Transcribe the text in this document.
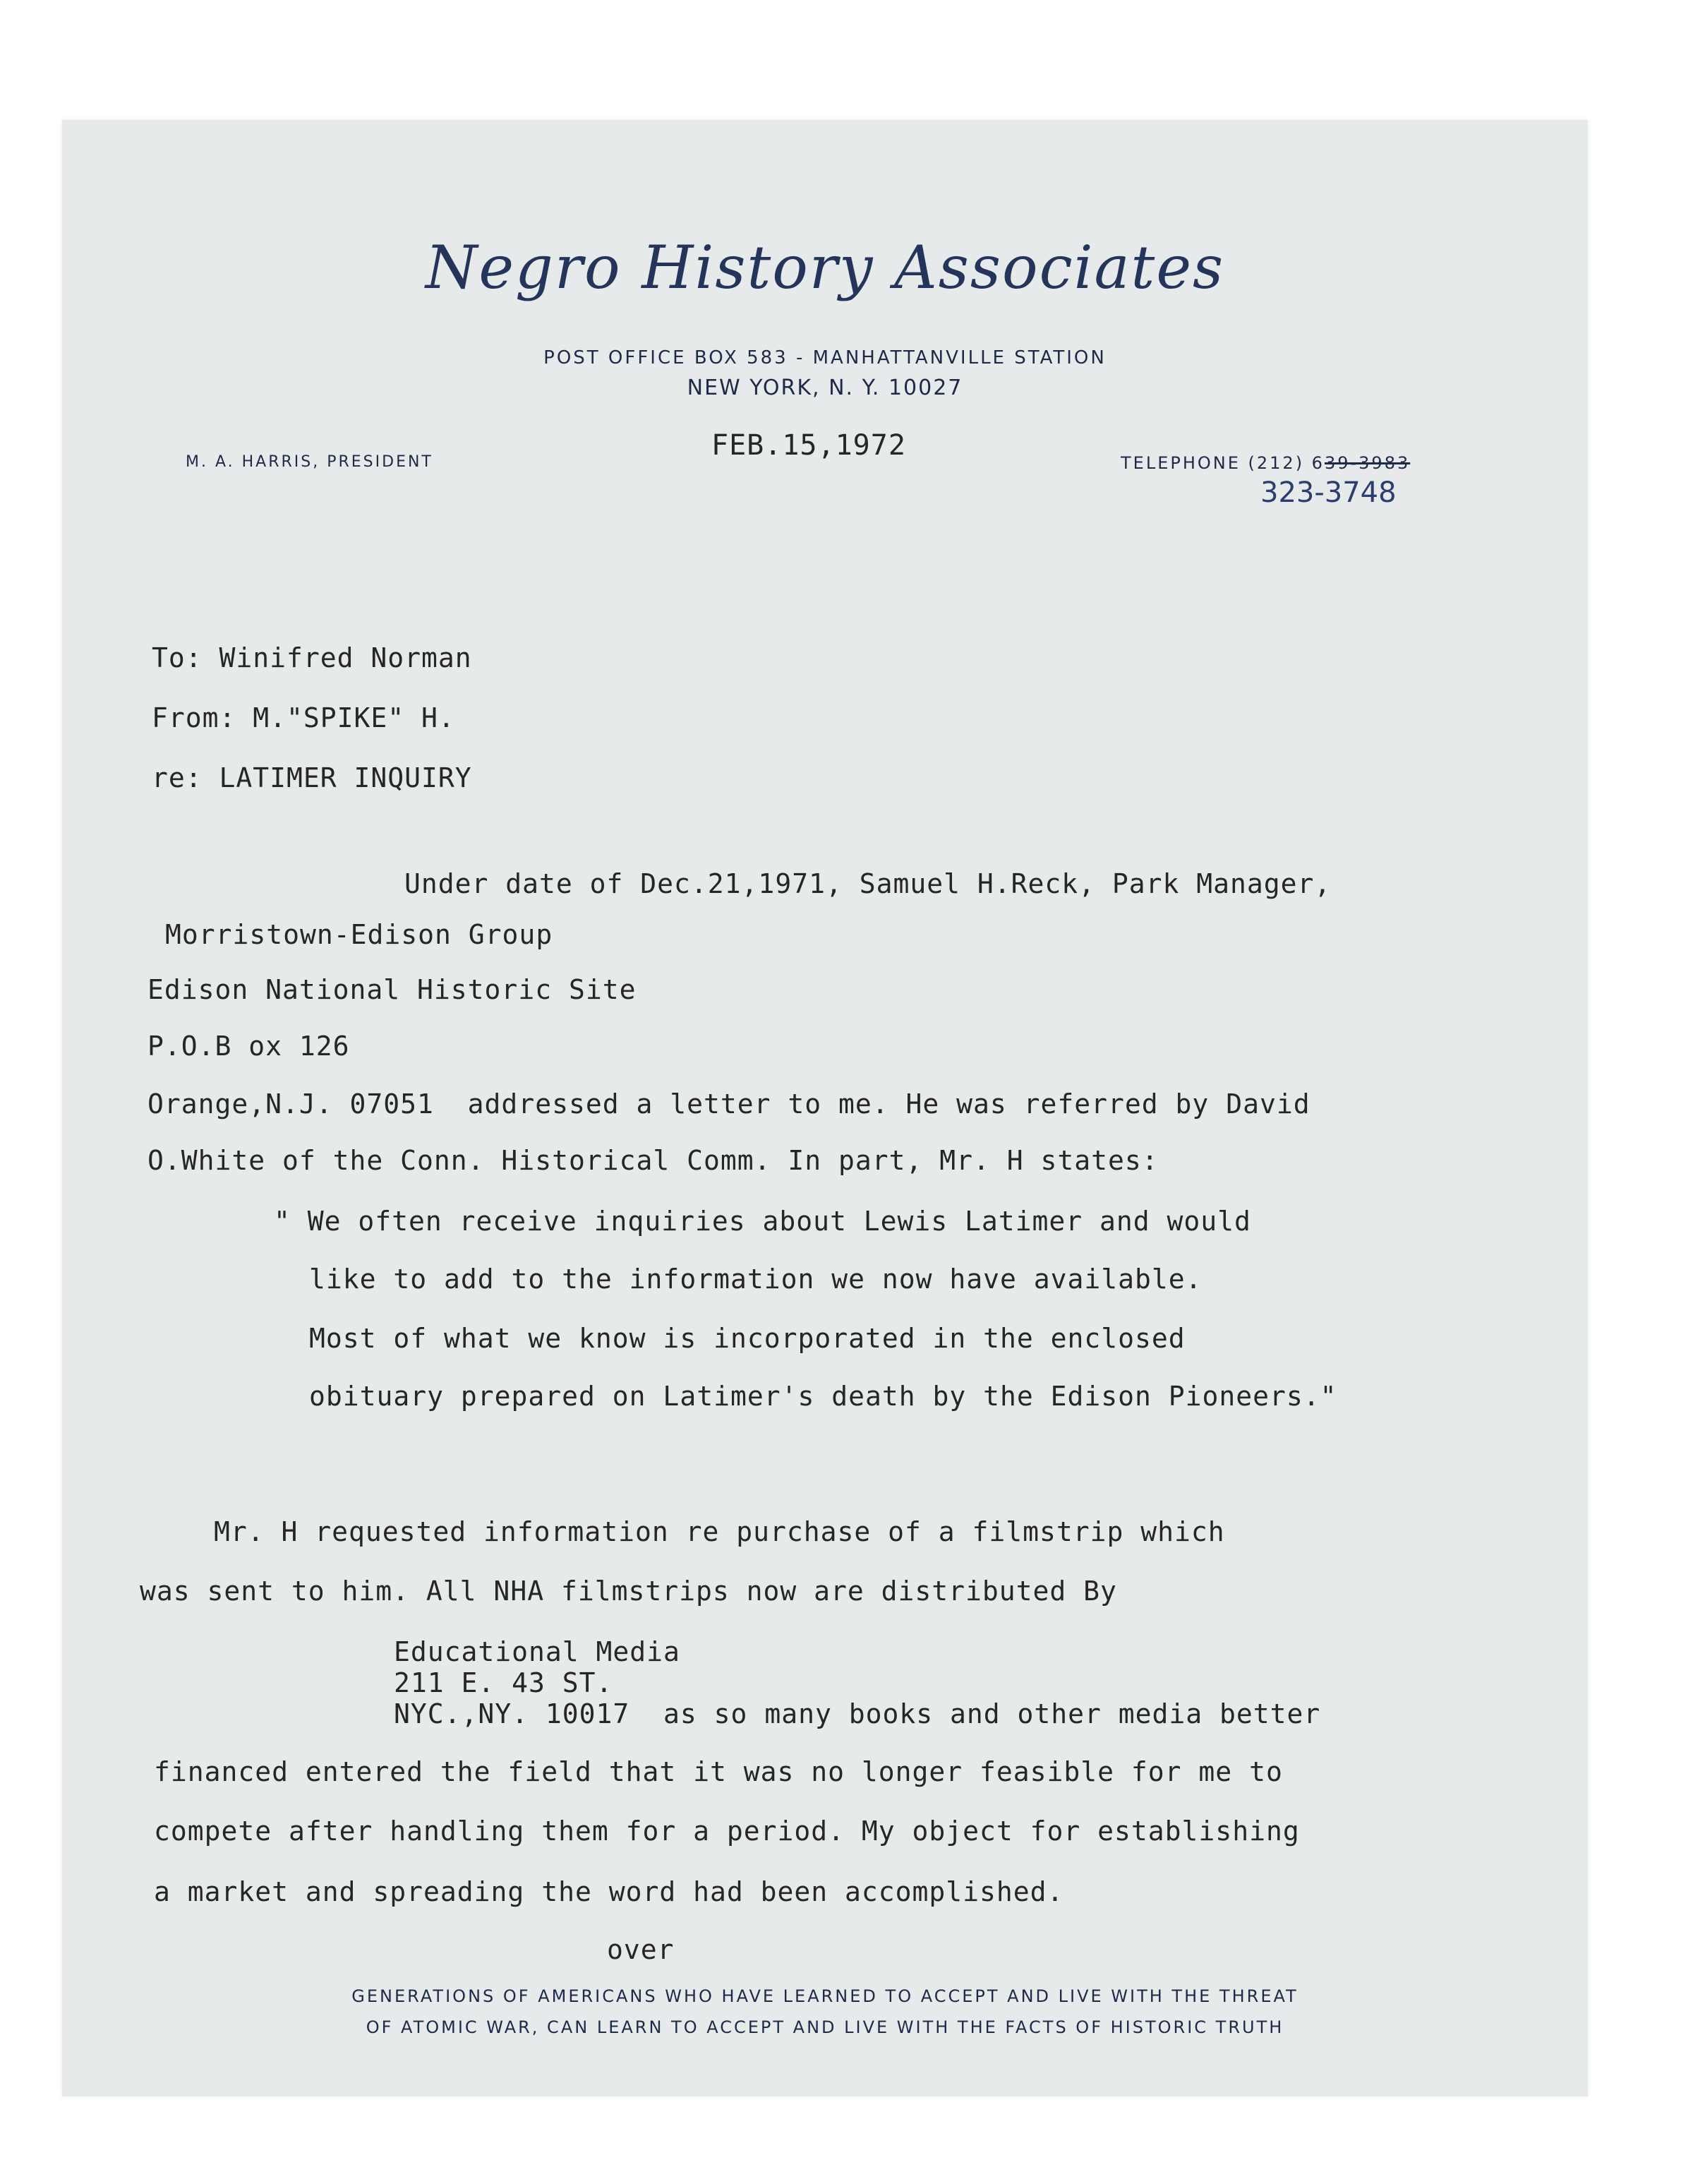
Negro History Associates
POST OFFICE BOX 583 - MANHATTANVILLE STATION
NEW YORK, N. Y. 10027
M. A. HARRIS, PRESIDENT
FEB.15,1972
TELEPHONE (212) 639-3983
323-3748
To: Winifred Norman
From: M."SPIKE" H.
re: LATIMER INQUIRY
Under date of Dec.21,1971, Samuel H.Reck, Park Manager,
Morristown-Edison Group
Edison National Historic Site
P.O.B ox 126
Orange,N.J. 07051  addressed a letter to me. He was referred by David
O.White of the Conn. Historical Comm. In part, Mr. H states:
" We often receive inquiries about Lewis Latimer and would
like to add to the information we now have available.
Most of what we know is incorporated in the enclosed
obituary prepared on Latimer's death by the Edison Pioneers."
Mr. H requested information re purchase of a filmstrip which
was sent to him. All NHA filmstrips now are distributed By
Educational Media
211 E. 43 ST.
NYC.,NY. 10017  as so many books and other media better
financed entered the field that it was no longer feasible for me to
compete after handling them for a period. My object for establishing
a market and spreading the word had been accomplished.
over
GENERATIONS OF AMERICANS WHO HAVE LEARNED TO ACCEPT AND LIVE WITH THE THREAT
OF ATOMIC WAR, CAN LEARN TO ACCEPT AND LIVE WITH THE FACTS OF HISTORIC TRUTH
